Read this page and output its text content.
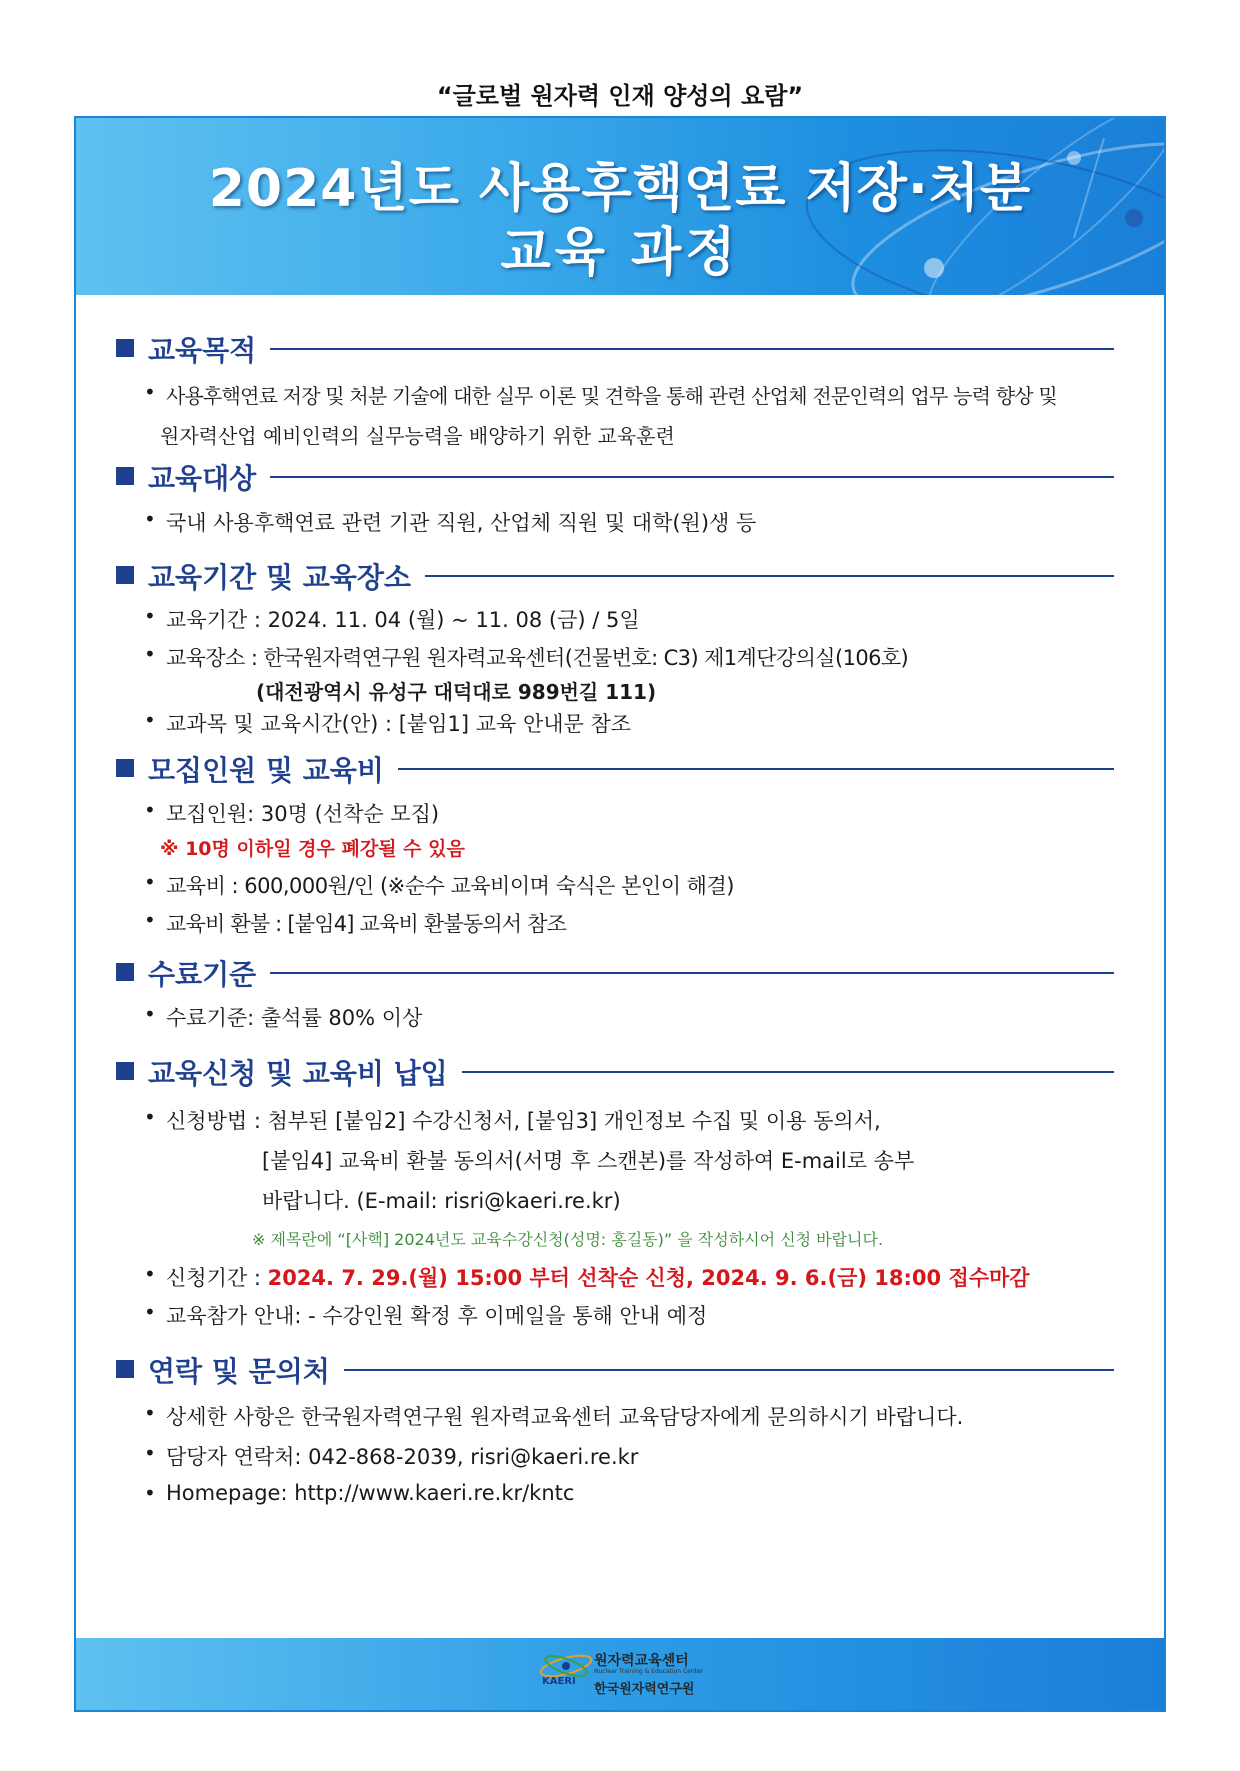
“글로벌 원자력 인재 양성의 요람”
2024년도 사용후핵연료 저장·처분
교육 과정
교육목적
• 사용후핵연료 저장 및 처분 기술에 대한 실무 이론 및 견학을 통해 관련 산업체 전문인력의 업무 능력 향상 및
원자력산업 예비인력의 실무능력을 배양하기 위한 교육훈련
교육대상
• 국내 사용후핵연료 관련 기관 직원, 산업체 직원 및 대학(원)생 등
교육기간 및 교육장소
• 교육기간 : 2024. 11. 04 (월) ~ 11. 08 (금) / 5일
• 교육장소 : 한국원자력연구원 원자력교육센터(건물번호: C3) 제1계단강의실(106호)
(대전광역시 유성구 대덕대로 989번길 111)
• 교과목 및 교육시간(안) : [붙임1] 교육 안내문 참조
모집인원 및 교육비
• 모집인원: 30명 (선착순 모집)
※ 10명 이하일 경우 폐강될 수 있음
• 교육비 : 600,000원/인 (※순수 교육비이며 숙식은 본인이 해결)
• 교육비 환불 : [붙임4] 교육비 환불동의서 참조
수료기준
• 수료기준: 출석률 80% 이상
교육신청 및 교육비 납입
• 신청방법 : 첨부된 [붙임2] 수강신청서, [붙임3] 개인정보 수집 및 이용 동의서,
[붙임4] 교육비 환불 동의서(서명 후 스캔본)를 작성하여 E-mail로 송부
바랍니다. (E-mail: risri@kaeri.re.kr)
※ 제목란에 “[사핵] 2024년도 교육수강신청(성명: 홍길동)” 을 작성하시어 신청 바랍니다.
• 신청기간 : 2024. 7. 29.(월) 15:00 부터 선착순 신청, 2024. 9. 6.(금) 18:00 접수마감
• 교육참가 안내: - 수강인원 확정 후 이메일을 통해 안내 예정
연락 및 문의처
• 상세한 사항은 한국원자력연구원 원자력교육센터 교육담당자에게 문의하시기 바랍니다.
• 담당자 연락처: 042-868-2039, risri@kaeri.re.kr
• Homepage: http://www.kaeri.re.kr/kntc
원자력교육센터
Nuclear Training & Education Center
KAERI
한국원자력연구원
